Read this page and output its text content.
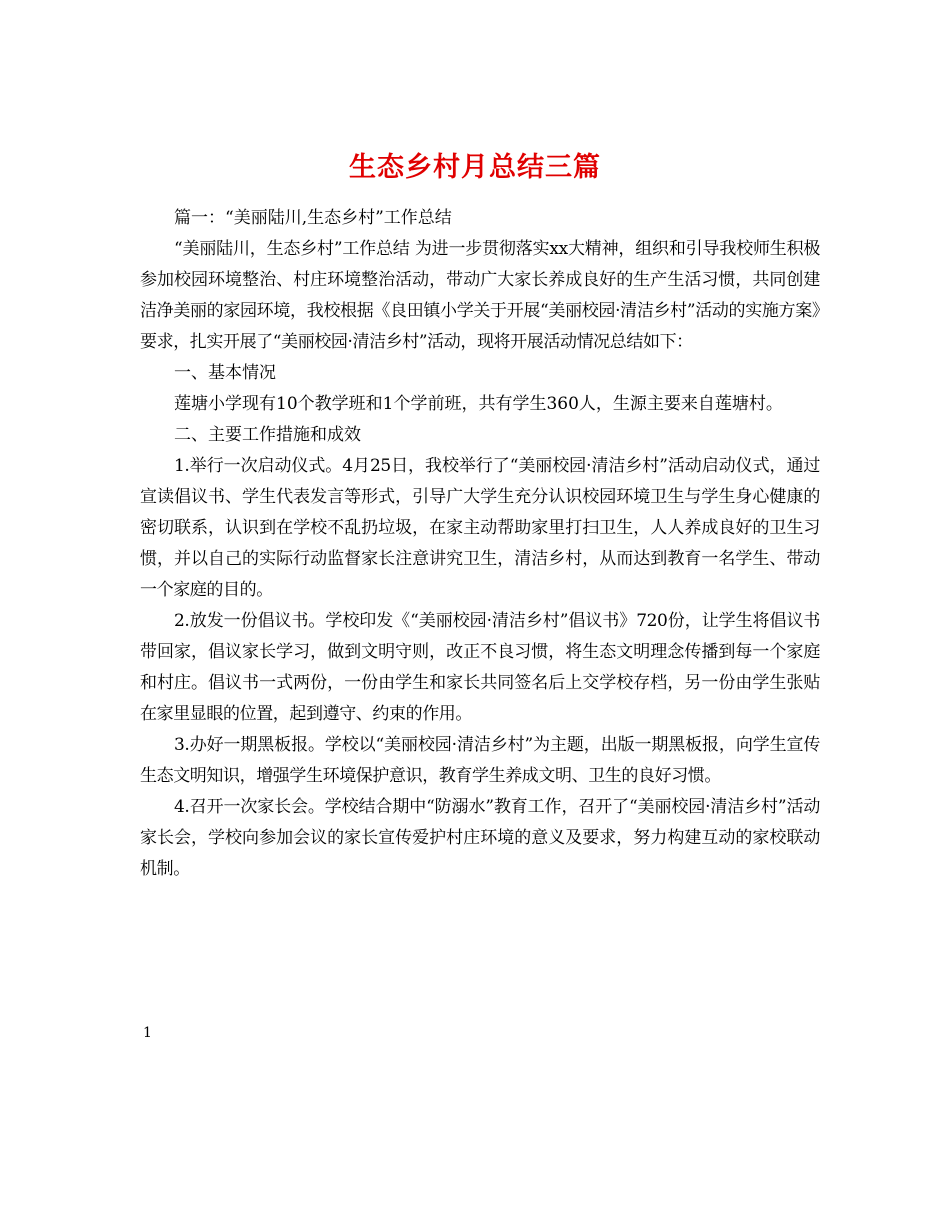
生态乡村月总结三篇

篇一：“美丽陆川,生态乡村”工作总结

“美丽陆川，生态乡村”工作总结 为进一步贯彻落实xx大精神，组织和引导我校师生积极参加校园环境整治、村庄环境整治活动，带动广大家长养成良好的生产生活习惯，共同创建洁净美丽的家园环境，我校根据《良田镇小学关于开展“美丽校园·清洁乡村”活动的实施方案》要求，扎实开展了“美丽校园·清洁乡村”活动，现将开展活动情况总结如下：

一、基本情况

莲塘小学现有10个教学班和1个学前班，共有学生360人，生源主要来自莲塘村。

二、主要工作措施和成效

1.举行一次启动仪式。4月25日，我校举行了“美丽校园·清洁乡村”活动启动仪式，通过宣读倡议书、学生代表发言等形式，引导广大学生充分认识校园环境卫生与学生身心健康的密切联系，认识到在学校不乱扔垃圾，在家主动帮助家里打扫卫生，人人养成良好的卫生习惯，并以自己的实际行动监督家长注意讲究卫生，清洁乡村，从而达到教育一名学生、带动一个家庭的目的。

2.放发一份倡议书。学校印发《“美丽校园·清洁乡村”倡议书》720份，让学生将倡议书带回家，倡议家长学习，做到文明守则，改正不良习惯，将生态文明理念传播到每一个家庭和村庄。倡议书一式两份，一份由学生和家长共同签名后上交学校存档，另一份由学生张贴在家里显眼的位置，起到遵守、约束的作用。

3.办好一期黑板报。学校以“美丽校园·清洁乡村”为主题，出版一期黑板报，向学生宣传生态文明知识，增强学生环境保护意识，教育学生养成文明、卫生的良好习惯。

4.召开一次家长会。学校结合期中“防溺水”教育工作，召开了“美丽校园·清洁乡村”活动家长会，学校向参加会议的家长宣传爱护村庄环境的意义及要求，努力构建互动的家校联动机制。

1
